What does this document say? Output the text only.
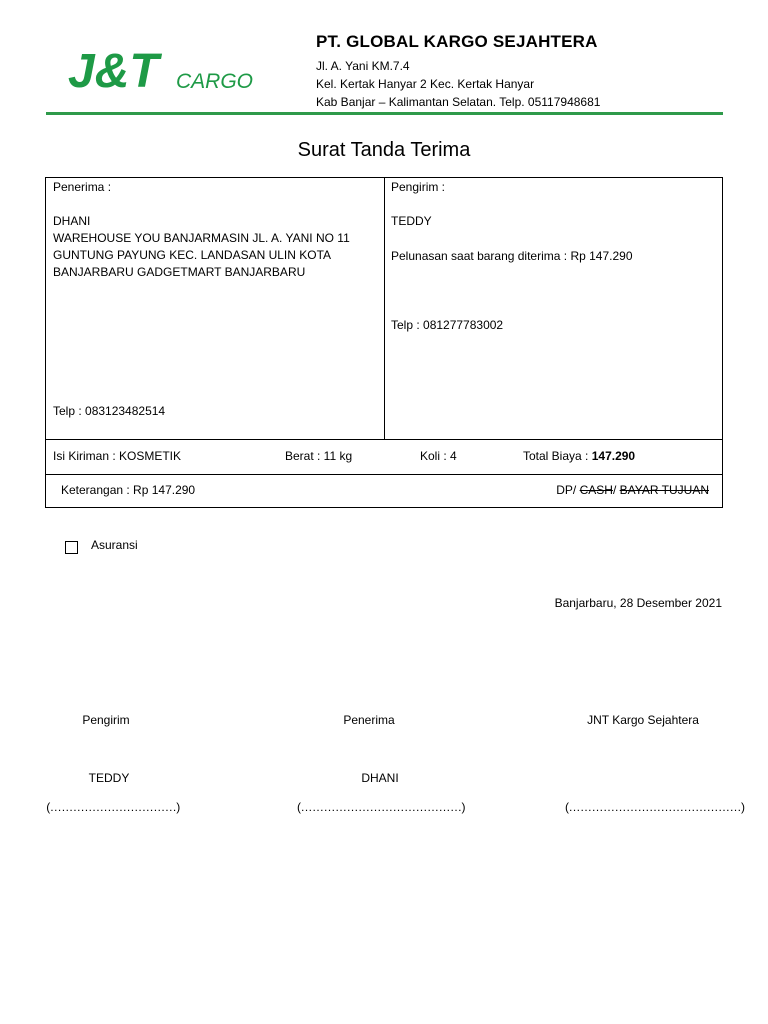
J&T CARGO
PT. GLOBAL KARGO SEJAHTERA
Jl. A. Yani KM.7.4
Kel. Kertak Hanyar 2 Kec. Kertak Hanyar
Kab Banjar – Kalimantan Selatan. Telp. 05117948681
Surat Tanda Terima
Penerima :
DHANI
WAREHOUSE YOU BANJARMASIN JL. A. YANI NO 11 GUNTUNG PAYUNG KEC. LANDASAN ULIN KOTA BANJARBARU GADGETMART BANJARBARU
Telp : 083123482514
Pengirim :
TEDDY
Pelunasan saat barang diterima : Rp 147.290
Telp : 081277783002
Isi Kiriman : KOSMETIK	Berat : 11 kg	Koli : 4	Total Biaya : 147.290
Keterangan : Rp 147.290	DP/ CASH/ BAYAR TUJUAN
Asuransi
Banjarbaru, 28 Desember 2021
Pengirim
TEDDY
(……………………………)
Penerima
DHANI
(……………………………………)
JNT Kargo Sejahtera
(………………………………………)
